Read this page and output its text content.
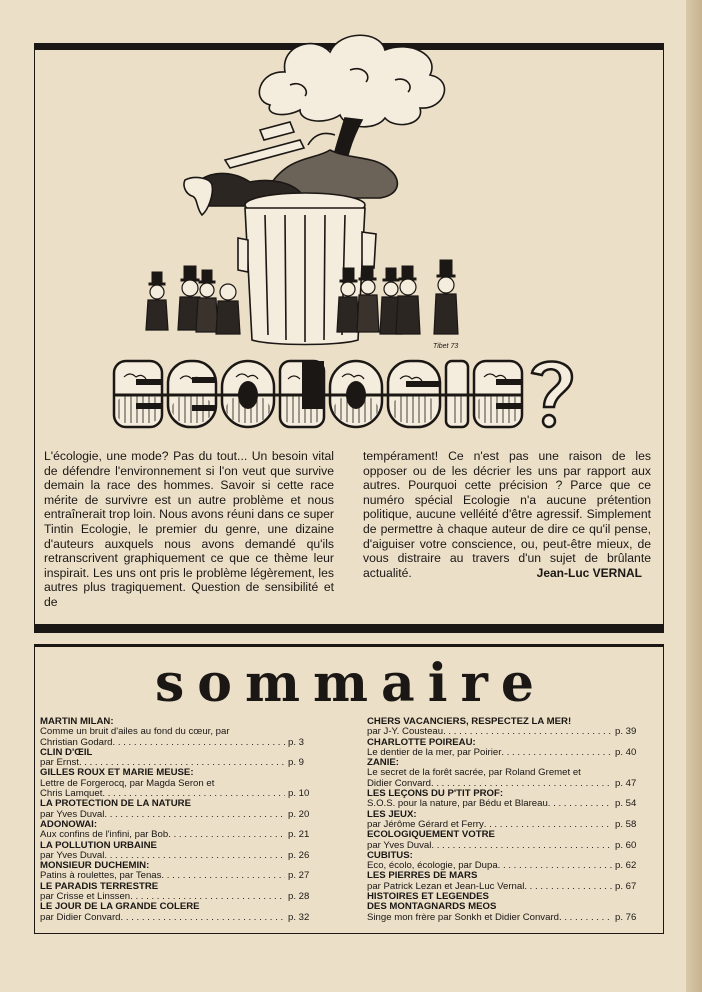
Tibet 73

L'écologie, une mode? Pas du tout... Un besoin vital de défendre l'environnement si l'on veut que survive demain la race des hommes. Savoir si cette race mérite de survivre est un autre problème et nous entraînerait trop loin. Nous avons réuni dans ce super Tintin Ecologie, le premier du genre, une dizaine d'auteurs auxquels nous avons demandé qu'ils retranscrivent graphiquement ce que ce thème leur inspirait. Les uns ont pris le problème légèrement, les autres plus tragiquement. Question de sensibilité et de

tempérament! Ce n'est pas une raison de les opposer ou de les décrier les uns par rapport aux autres. Pourquoi cette précision ? Parce que ce numéro spécial Ecologie n'a aucune prétention politique, aucune velléité d'être agressif. Simplement de permettre à chaque auteur de dire ce qu'il pense, d'aiguiser votre conscience, ou, peut-être mieux, de vous distraire au travers d'un sujet de brûlante actualité.	Jean-Luc VERNAL
sommaire
MARTIN MILAN:
Comme un bruit d'ailes au fond du cœur, par
Christian Godard . . .	p. 3
CLIN D'ŒIL
par Ernst . . .	p. 9
GILLES ROUX ET MARIE MEUSE:
Lettre de Forgerocq, par Magda Seron et
Chris Lamquet . . .	p. 10
LA PROTECTION DE LA NATURE
par Yves Duval . . .	p. 20
ADONOWAI:
Aux confins de l'infini, par Bob . . .	p. 21
LA POLLUTION URBAINE
par Yves Duval . . .	p. 26
MONSIEUR DUCHEMIN:
Patins à roulettes, par Tenas . . .	p. 27
LE PARADIS TERRESTRE
par Crisse et Linssen . . .	p. 28
LE JOUR DE LA GRANDE COLERE
par Didier Convard . . .	p. 32
CHERS VACANCIERS, RESPECTEZ LA MER!
par J-Y. Cousteau . . .	p. 39
CHARLOTTE POIREAU:
Le dentier de la mer, par Poirier . . .	p. 40
ZANIE:
Le secret de la forêt sacrée, par Roland Gremet et
Didier Convard . . .	p. 47
LES LEÇONS DU P'TIT PROF:
S.O.S. pour la nature, par Bédu et Blareau . . .	p. 54
LES JEUX:
par Jérôme Gérard et Ferry . . .	p. 58
ECOLOGIQUEMENT VOTRE
par Yves Duval . . .	p. 60
CUBITUS:
Eco, écolo, écologie, par Dupa . . .	p. 62
LES PIERRES DE MARS
par Patrick Lezan et Jean-Luc Vernal . . .	p. 67
HISTOIRES ET LEGENDES
DES MONTAGNARDS MEOS
Singe mon frère par Sonkh et Didier Convard . . .	p. 76
